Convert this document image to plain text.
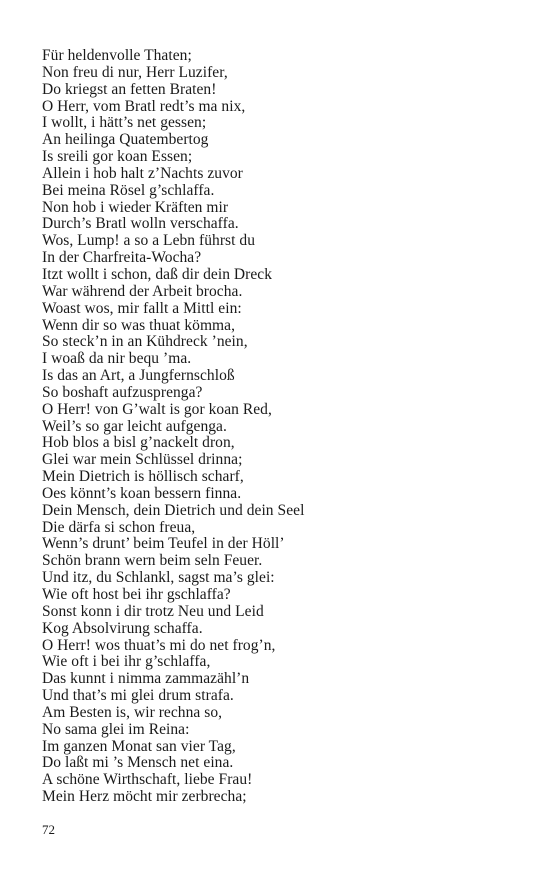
Für heldenvolle Thaten;
Non freu di nur, Herr Luzifer,
Do kriegst an fetten Braten!
O Herr, vom Bratl redt’s ma nix,
I wollt, i hätt’s net gessen;
An heilinga Quatembertog
Is sreili gor koan Essen;
Allein i hob halt z’Nachts zuvor
Bei meina Rösel g’schlaffa.
Non hob i wieder Kräften mir
Durch’s Bratl wolln verschaffa.
Wos, Lump! a so a Lebn führst du
In der Charfreita-Wocha?
Itzt wollt i schon, daß dir dein Dreck
War während der Arbeit brocha.
Woast wos, mir fallt a Mittl ein:
Wenn dir so was thuat kömma,
So steck’n in an Kühdreck ’nein,
I woaß da nir bequ ’ma.
Is das an Art, a Jungfernschloß
So boshaft aufzusprenga?
O Herr! von G’walt is gor koan Red,
Weil’s so gar leicht aufgenga.
Hob blos a bisl g’nackelt dron,
Glei war mein Schlüssel drinna;
Mein Dietrich is höllisch scharf,
Oes könnt’s koan bessern finna.
Dein Mensch, dein Dietrich und dein Seel
Die därfa si schon freua,
Wenn’s drunt’ beim Teufel in der Höll’
Schön brann wern beim seln Feuer.
Und itz, du Schlankl, sagst ma’s glei:
Wie oft host bei ihr gschlaffa?
Sonst konn i dir trotz Neu und Leid
Kog Absolvirung schaffa.
O Herr! wos thuat’s mi do net frog’n,
Wie oft i bei ihr g’schlaffa,
Das kunnt i nimma zammazähl’n
Und that’s mi glei drum strafa.
Am Besten is, wir rechna so,
No sama glei im Reina:
Im ganzen Monat san vier Tag,
Do laßt mi ’s Mensch net eina.
A schöne Wirthschaft, liebe Frau!
Mein Herz möcht mir zerbrecha;
72
